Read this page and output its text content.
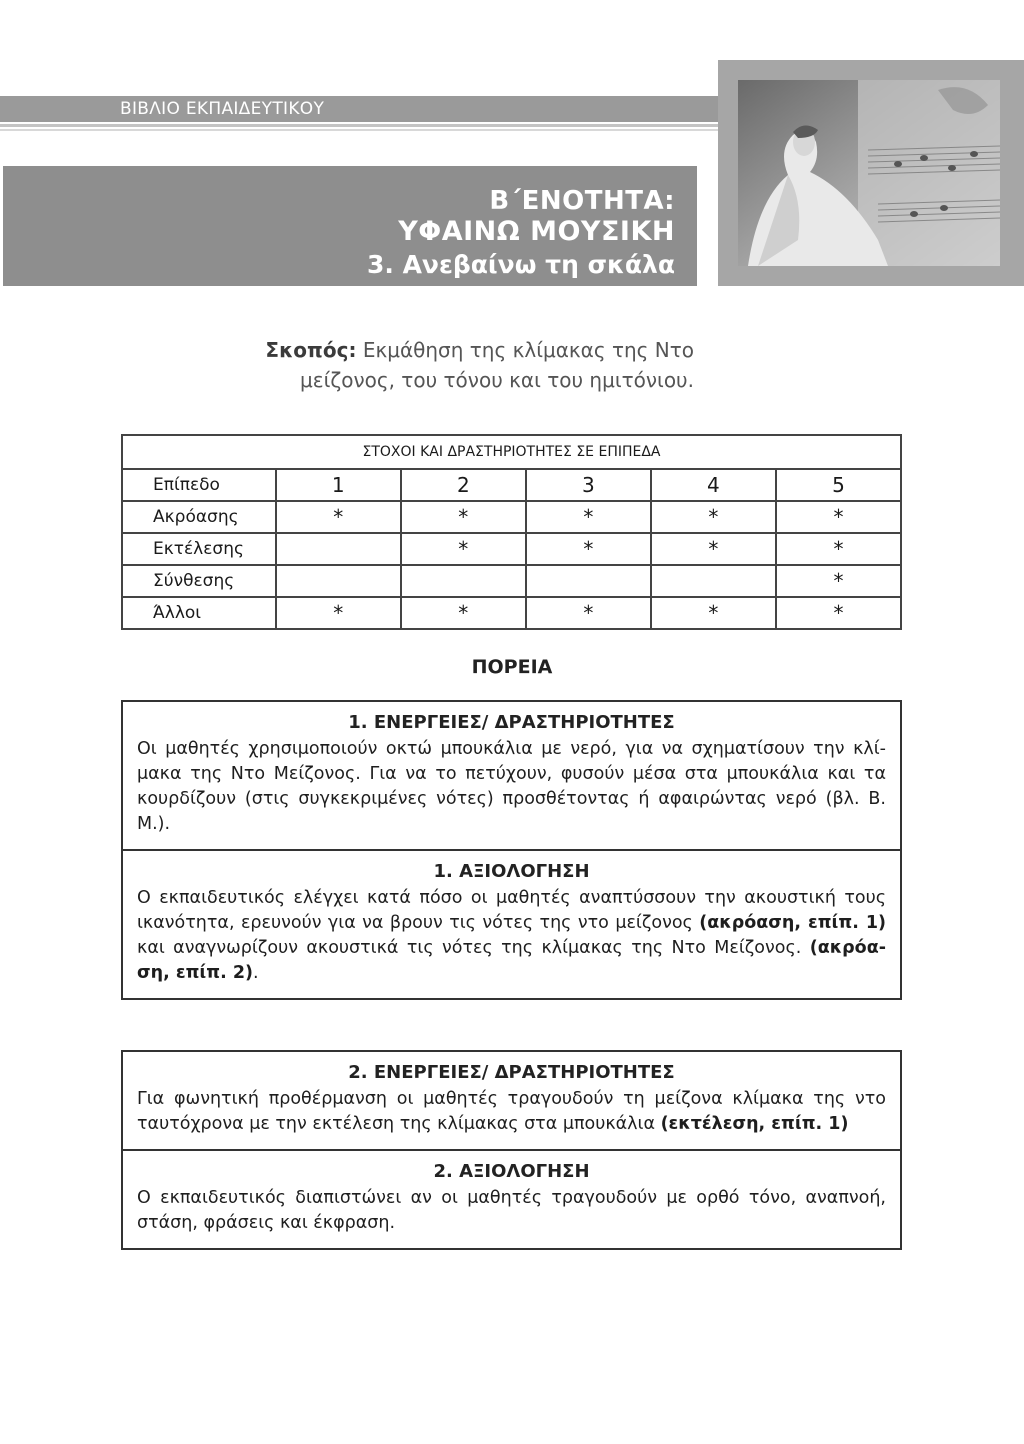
ΒΙΒΛΙΟ ΕΚΠΑΙΔΕΥΤΙΚΟΥ
Β΄ΕΝΟΤΗΤΑ:
ΥΦΑΙΝΩ ΜΟΥΣΙΚΗ
3. Ανεβαίνω τη σκάλα
Σκοπός: Εκμάθηση της κλίμακας της Ντο
μείζονος, του τόνου και του ημιτόνιου.
ΣΤΟΧΟΙ ΚΑΙ ΔΡΑΣΤΗΡΙΟΤΗΤΕΣ ΣΕ ΕΠΙΠΕΔΑ					
Επίπεδο	1	2	3	4	5
Ακρόασης	*	*	*	*	*
Εκτέλεσης		*	*	*	*
Σύνθεσης					*
Άλλοι	*	*	*	*	*
ΠΟΡΕΙΑ
1. ΕΝΕΡΓΕΙΕΣ/ ΔΡΑΣΤΗΡΙΟΤΗΤΕΣ

Οι μαθητές χρησιμοποιούν οκτώ μπουκάλια με νερό, για να σχηματίσουν την κλί-μακα της Ντο Μείζονος. Για να το πετύχουν, φυσούν μέσα στα μπουκάλια και τα κουρδίζουν (στις συγκεκριμένες νότες) προσθέτοντας ή αφαιρώντας νερό (βλ. Β. Μ.).

1. ΑΞΙΟΛΟΓΗΣΗ

Ο εκπαιδευτικός ελέγχει κατά πόσο οι μαθητές αναπτύσσουν την ακουστική τους ικανότητα, ερευνούν για να βρουν τις νότες της ντο μείζονος (ακρόαση, επίπ. 1) και αναγνωρίζουν ακουστικά τις νότες της κλίμακας της Ντο Μείζονος. (ακρόα-ση, επίπ. 2).

2. ΕΝΕΡΓΕΙΕΣ/ ΔΡΑΣΤΗΡΙΟΤΗΤΕΣ

Για φωνητική προθέρμανση οι μαθητές τραγουδούν τη μείζονα κλίμακα της ντο ταυτόχρονα με την εκτέλεση της κλίμακας στα μπουκάλια (εκτέλεση, επίπ. 1)

2. ΑΞΙΟΛΟΓΗΣΗ

Ο εκπαιδευτικός διαπιστώνει αν οι μαθητές τραγουδούν με ορθό τόνο, αναπνοή, στάση, φράσεις και έκφραση.
